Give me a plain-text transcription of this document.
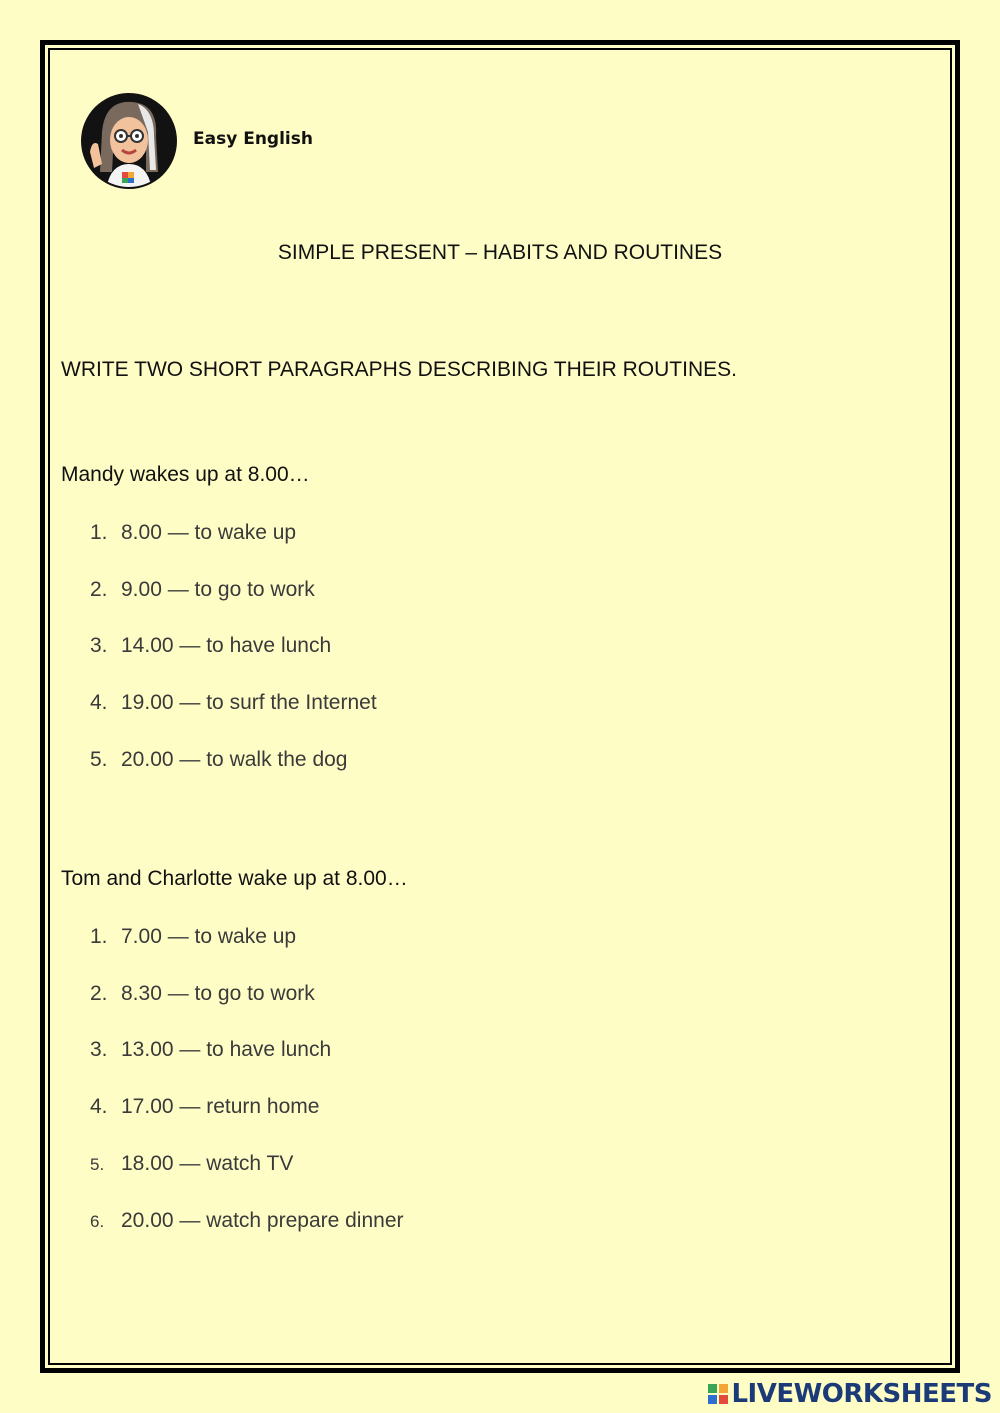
Easy English
SIMPLE PRESENT – HABITS AND ROUTINES
WRITE TWO SHORT PARAGRAPHS DESCRIBING THEIR ROUTINES.
Mandy wakes up at 8.00…
1. 8.00 — to wake up
2. 9.00 — to go to work
3. 14.00 — to have lunch
4. 19.00 — to surf the Internet
5. 20.00 — to walk the dog
Tom and Charlotte wake up at 8.00…
1. 7.00 — to wake up
2. 8.30 — to go to work
3. 13.00 — to have lunch
4. 17.00 — return home
5. 18.00 — watch TV
6. 20.00 — watch prepare dinner
LIVEWORKSHEETS
